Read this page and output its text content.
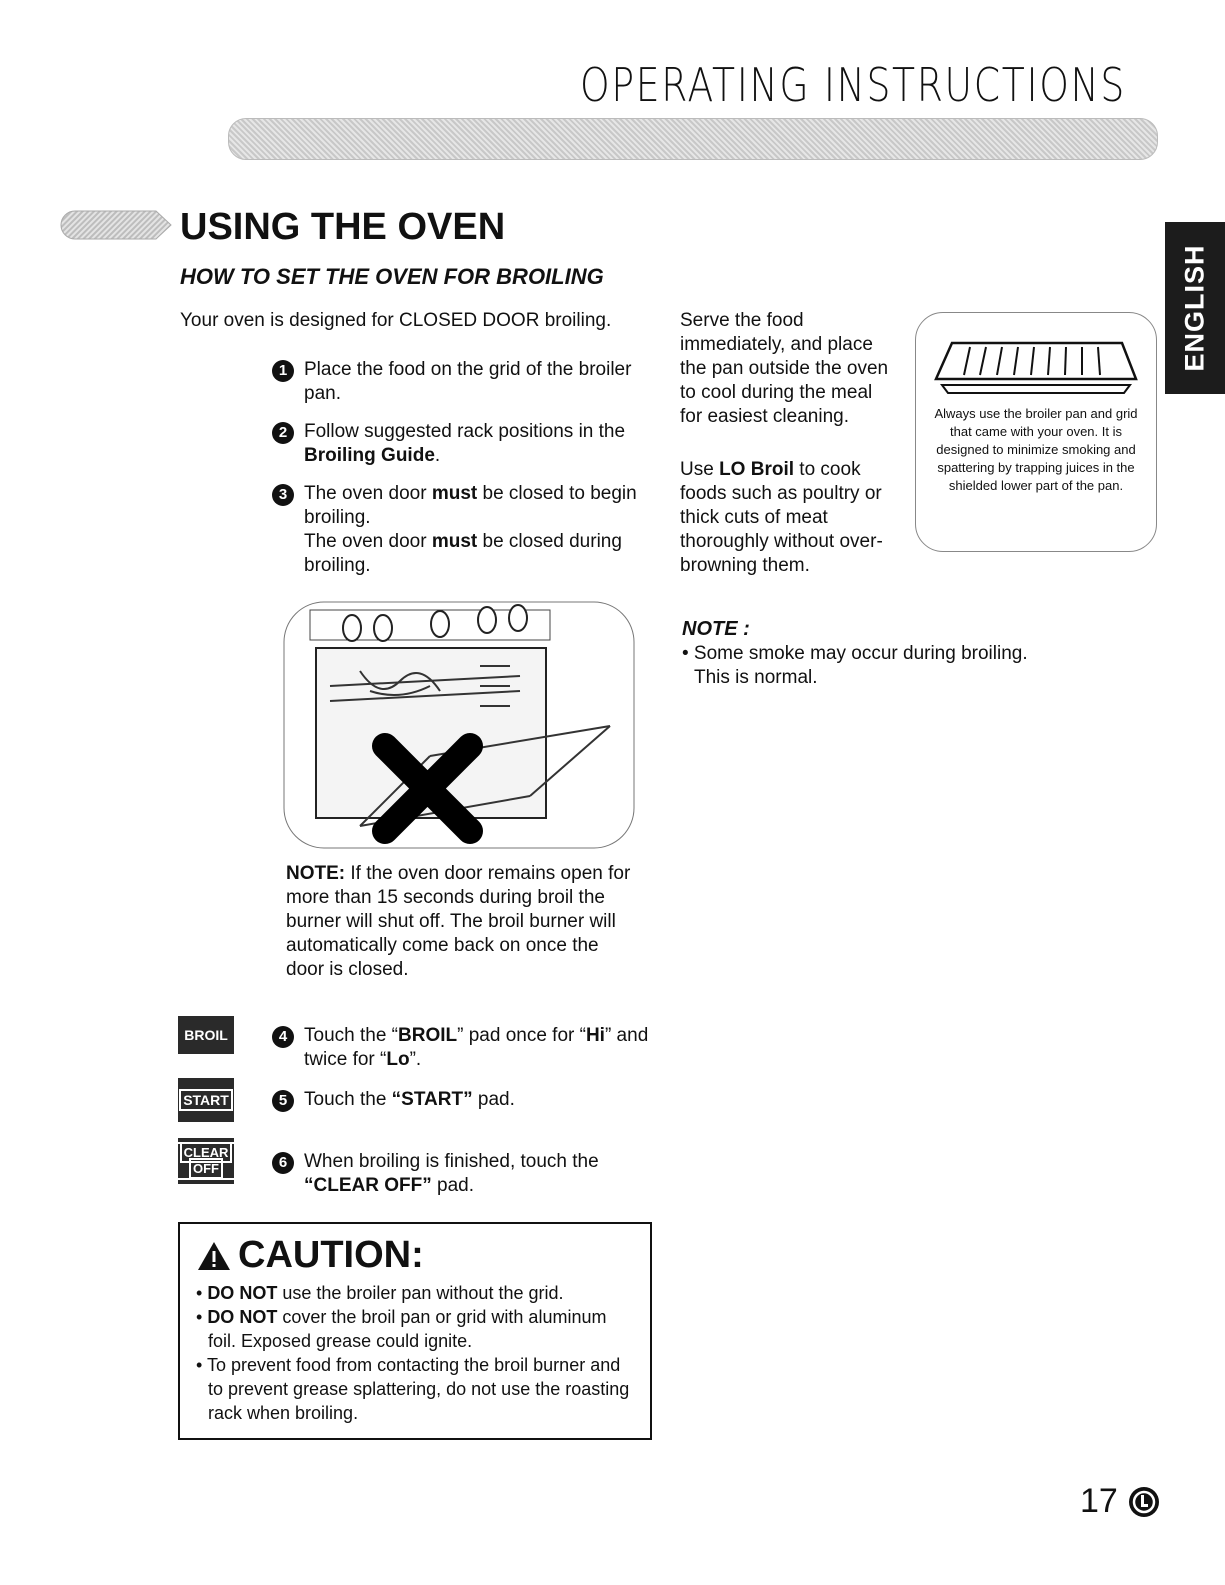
OPERATING INSTRUCTIONS
ENGLISH
USING THE OVEN
HOW TO SET THE OVEN FOR BROILING
Your oven is designed for CLOSED DOOR broiling.
1 Place the food on the grid of the broiler pan.
2 Follow suggested rack positions in the Broiling Guide.
3 The oven door must be closed to begin broiling.
The oven door must be closed during broiling.
NOTE: If the oven door remains open for more than 15 seconds during broil the burner will shut off. The broil burner will automatically come back on once the door is closed.
BROIL
START
CLEAR
OFF
4 Touch the “BROIL” pad once for “Hi” and twice for “Lo”.
5 Touch the “START” pad.
6 When broiling is finished, touch the “CLEAR OFF” pad.
CAUTION:

• DO NOT use the broiler pan without the grid.

• DO NOT cover the broil pan or grid with aluminum foil. Exposed grease could ignite.

• To prevent food from contacting the broil burner and to prevent grease splattering, do not use the roasting rack when broiling.

Serve the food immediately, and place the pan outside the oven to cool during the meal for easiest cleaning.
Use LO Broil to cook foods such as poultry or thick cuts of meat thoroughly without over-browning them.
Always use the broiler pan and grid that came with your oven. It is designed to minimize smoking and spattering by trapping juices in the shielded lower part of the pan.
NOTE :
• Some smoke may occur during broiling.
This is normal.
17
